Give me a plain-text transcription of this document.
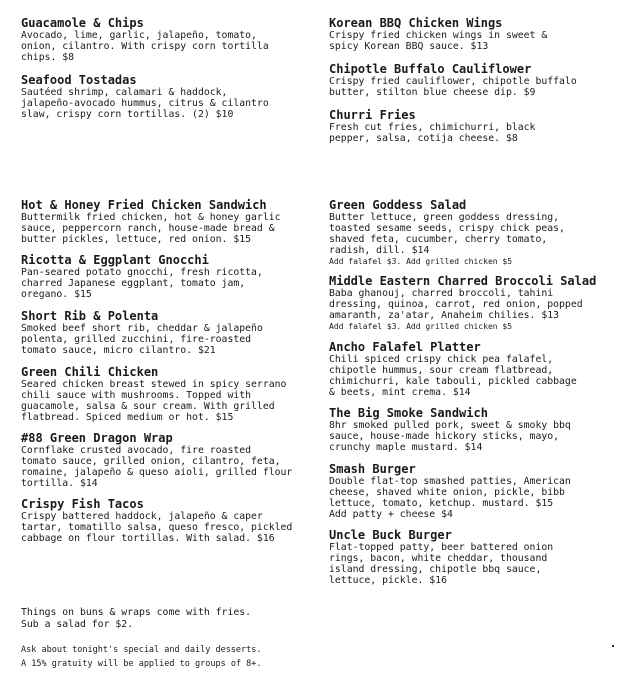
Guacamole & Chips

Avocado, lime, garlic, jalapeño, tomato,
onion, cilantro. With crispy corn tortilla
chips. $8

Seafood Tostadas

Sautéed shrimp, calamari & haddock,
jalapeño-avocado hummus, citrus & cilantro
slaw, crispy corn tortillas. (2) $10

Hot & Honey Fried Chicken Sandwich

Buttermilk fried chicken, hot & honey garlic
sauce, peppercorn ranch, house-made bread &
butter pickles, lettuce, red onion. $15

Ricotta & Eggplant Gnocchi

Pan-seared potato gnocchi, fresh ricotta,
charred Japanese eggplant, tomato jam,
oregano. $15

Short Rib & Polenta

Smoked beef short rib, cheddar & jalapeño
polenta, grilled zucchini, fire-roasted
tomato sauce, micro cilantro. $21

Green Chili Chicken

Seared chicken breast stewed in spicy serrano
chili sauce with mushrooms. Topped with
guacamole, salsa & sour cream. With grilled
flatbread. Spiced medium or hot. $15

#88 Green Dragon Wrap

Cornflake crusted avocado, fire roasted
tomato sauce, grilled onion, cilantro, feta,
romaine, jalapeño & queso aioli, grilled flour
tortilla. $14

Crispy Fish Tacos

Crispy battered haddock, jalapeño & caper
tartar, tomatillo salsa, queso fresco, pickled
cabbage on flour tortillas. With salad. $16

Korean BBQ Chicken Wings

Crispy fried chicken wings in sweet &
spicy Korean BBQ sauce. $13

Chipotle Buffalo Cauliflower

Crispy fried cauliflower, chipotle buffalo
butter, stilton blue cheese dip. $9

Churri Fries

Fresh cut fries, chimichurri, black
pepper, salsa, cotija cheese. $8

Green Goddess Salad

Butter lettuce, green goddess dressing,
toasted sesame seeds, crispy chick peas,
shaved feta, cucumber, cherry tomato,
radish, dill. $14

Add falafel $3. Add grilled chicken $5

Middle Eastern Charred Broccoli Salad

Baba ghanouj, charred broccoli, tahini
dressing, quinoa, carrot, red onion, popped
amaranth, za'atar, Anaheim chilies. $13

Add falafel $3. Add grilled chicken $5

Ancho Falafel Platter

Chili spiced crispy chick pea falafel,
chipotle hummus, sour cream flatbread,
chimichurri, kale tabouli, pickled cabbage
& beets, mint crema. $14

The Big Smoke Sandwich

8hr smoked pulled pork, sweet & smoky bbq
sauce, house-made hickory sticks, mayo,
crunchy maple mustard. $14

Smash Burger

Double flat-top smashed patties, American
cheese, shaved white onion, pickle, bibb
lettuce, tomato, ketchup. mustard. $15
Add patty + cheese $4

Uncle Buck Burger

Flat-topped patty, beer battered onion
rings, bacon, white cheddar, thousand
island dressing, chipotle bbq sauce,
lettuce, pickle. $16

Things on buns & wraps come with fries.
Sub a salad for $2.

Ask about tonight's special and daily desserts.

A 15% gratuity will be applied to groups of 8+.
